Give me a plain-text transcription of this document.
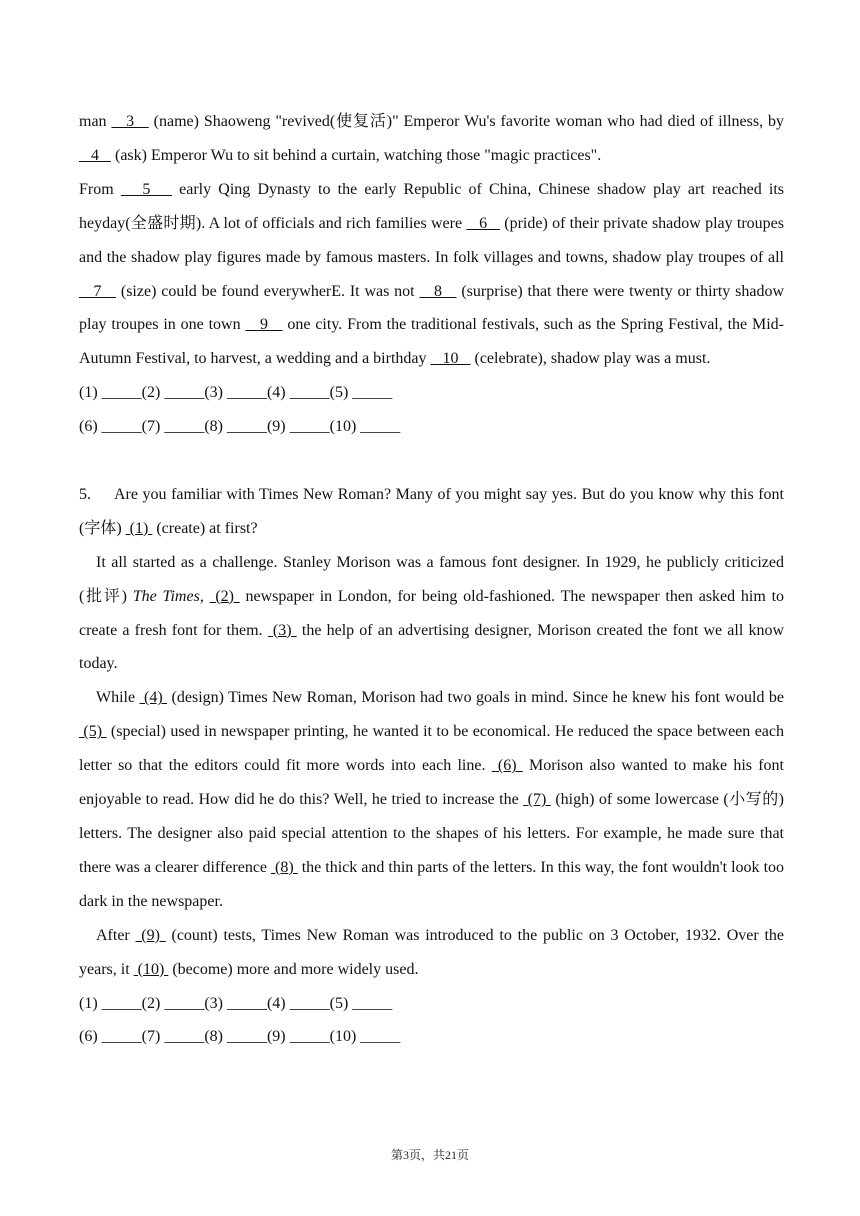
man    3    (name) Shaoweng "revived(使复活)" Emperor Wu's favorite woman who had died of illness, by    4    (ask) Emperor Wu to sit behind a curtain, watching those "magic practices".

From    5    early Qing Dynasty to the early Republic of China, Chinese shadow play art reached its heyday(全盛时期). A lot of officials and rich families were    6    (pride) of their private shadow play troupes and the shadow play figures made by famous masters. In folk villages and towns, shadow play troupes of all    7    (size) could be found everywherE. It was not    8    (surprise) that there were twenty or thirty shadow play troupes in one town    9    one city. From the traditional festivals, such as the Spring Festival, the Mid-Autumn Festival, to harvest, a wedding and a birthday    10    (celebrate), shadow play was a must.

(1) _____(2) _____(3) _____(4) _____(5) _____

(6) _____(7) _____(8) _____(9) _____(10) _____

5. Are you familiar with Times New Roman? Many of you might say yes. But do you know why this font (字体)  (1)  (create) at first?

It all started as a challenge. Stanley Morison was a famous font designer. In 1929, he publicly criticized (批评) The Times,  (2)  newspaper in London, for being old-fashioned. The newspaper then asked him to create a fresh font for them.  (3)  the help of an advertising designer, Morison created the font we all know today.

While  (4)  (design) Times New Roman, Morison had two goals in mind. Since he knew his font would be  (5)  (special) used in newspaper printing, he wanted it to be economical. He reduced the space between each letter so that the editors could fit more words into each line.  (6)  Morison also wanted to make his font enjoyable to read. How did he do this? Well, he tried to increase the  (7)  (high) of some lowercase (小写的) letters. The designer also paid special attention to the shapes of his letters. For example, he made sure that there was a clearer difference  (8)  the thick and thin parts of the letters. In this way, the font wouldn't look too dark in the newspaper.

After  (9)  (count) tests, Times New Roman was introduced to the public on 3 October, 1932. Over the years, it  (10)  (become) more and more widely used.

(1) _____(2) _____(3) _____(4) _____(5) _____

(6) _____(7) _____(8) _____(9) _____(10) _____

第3页，共21页
